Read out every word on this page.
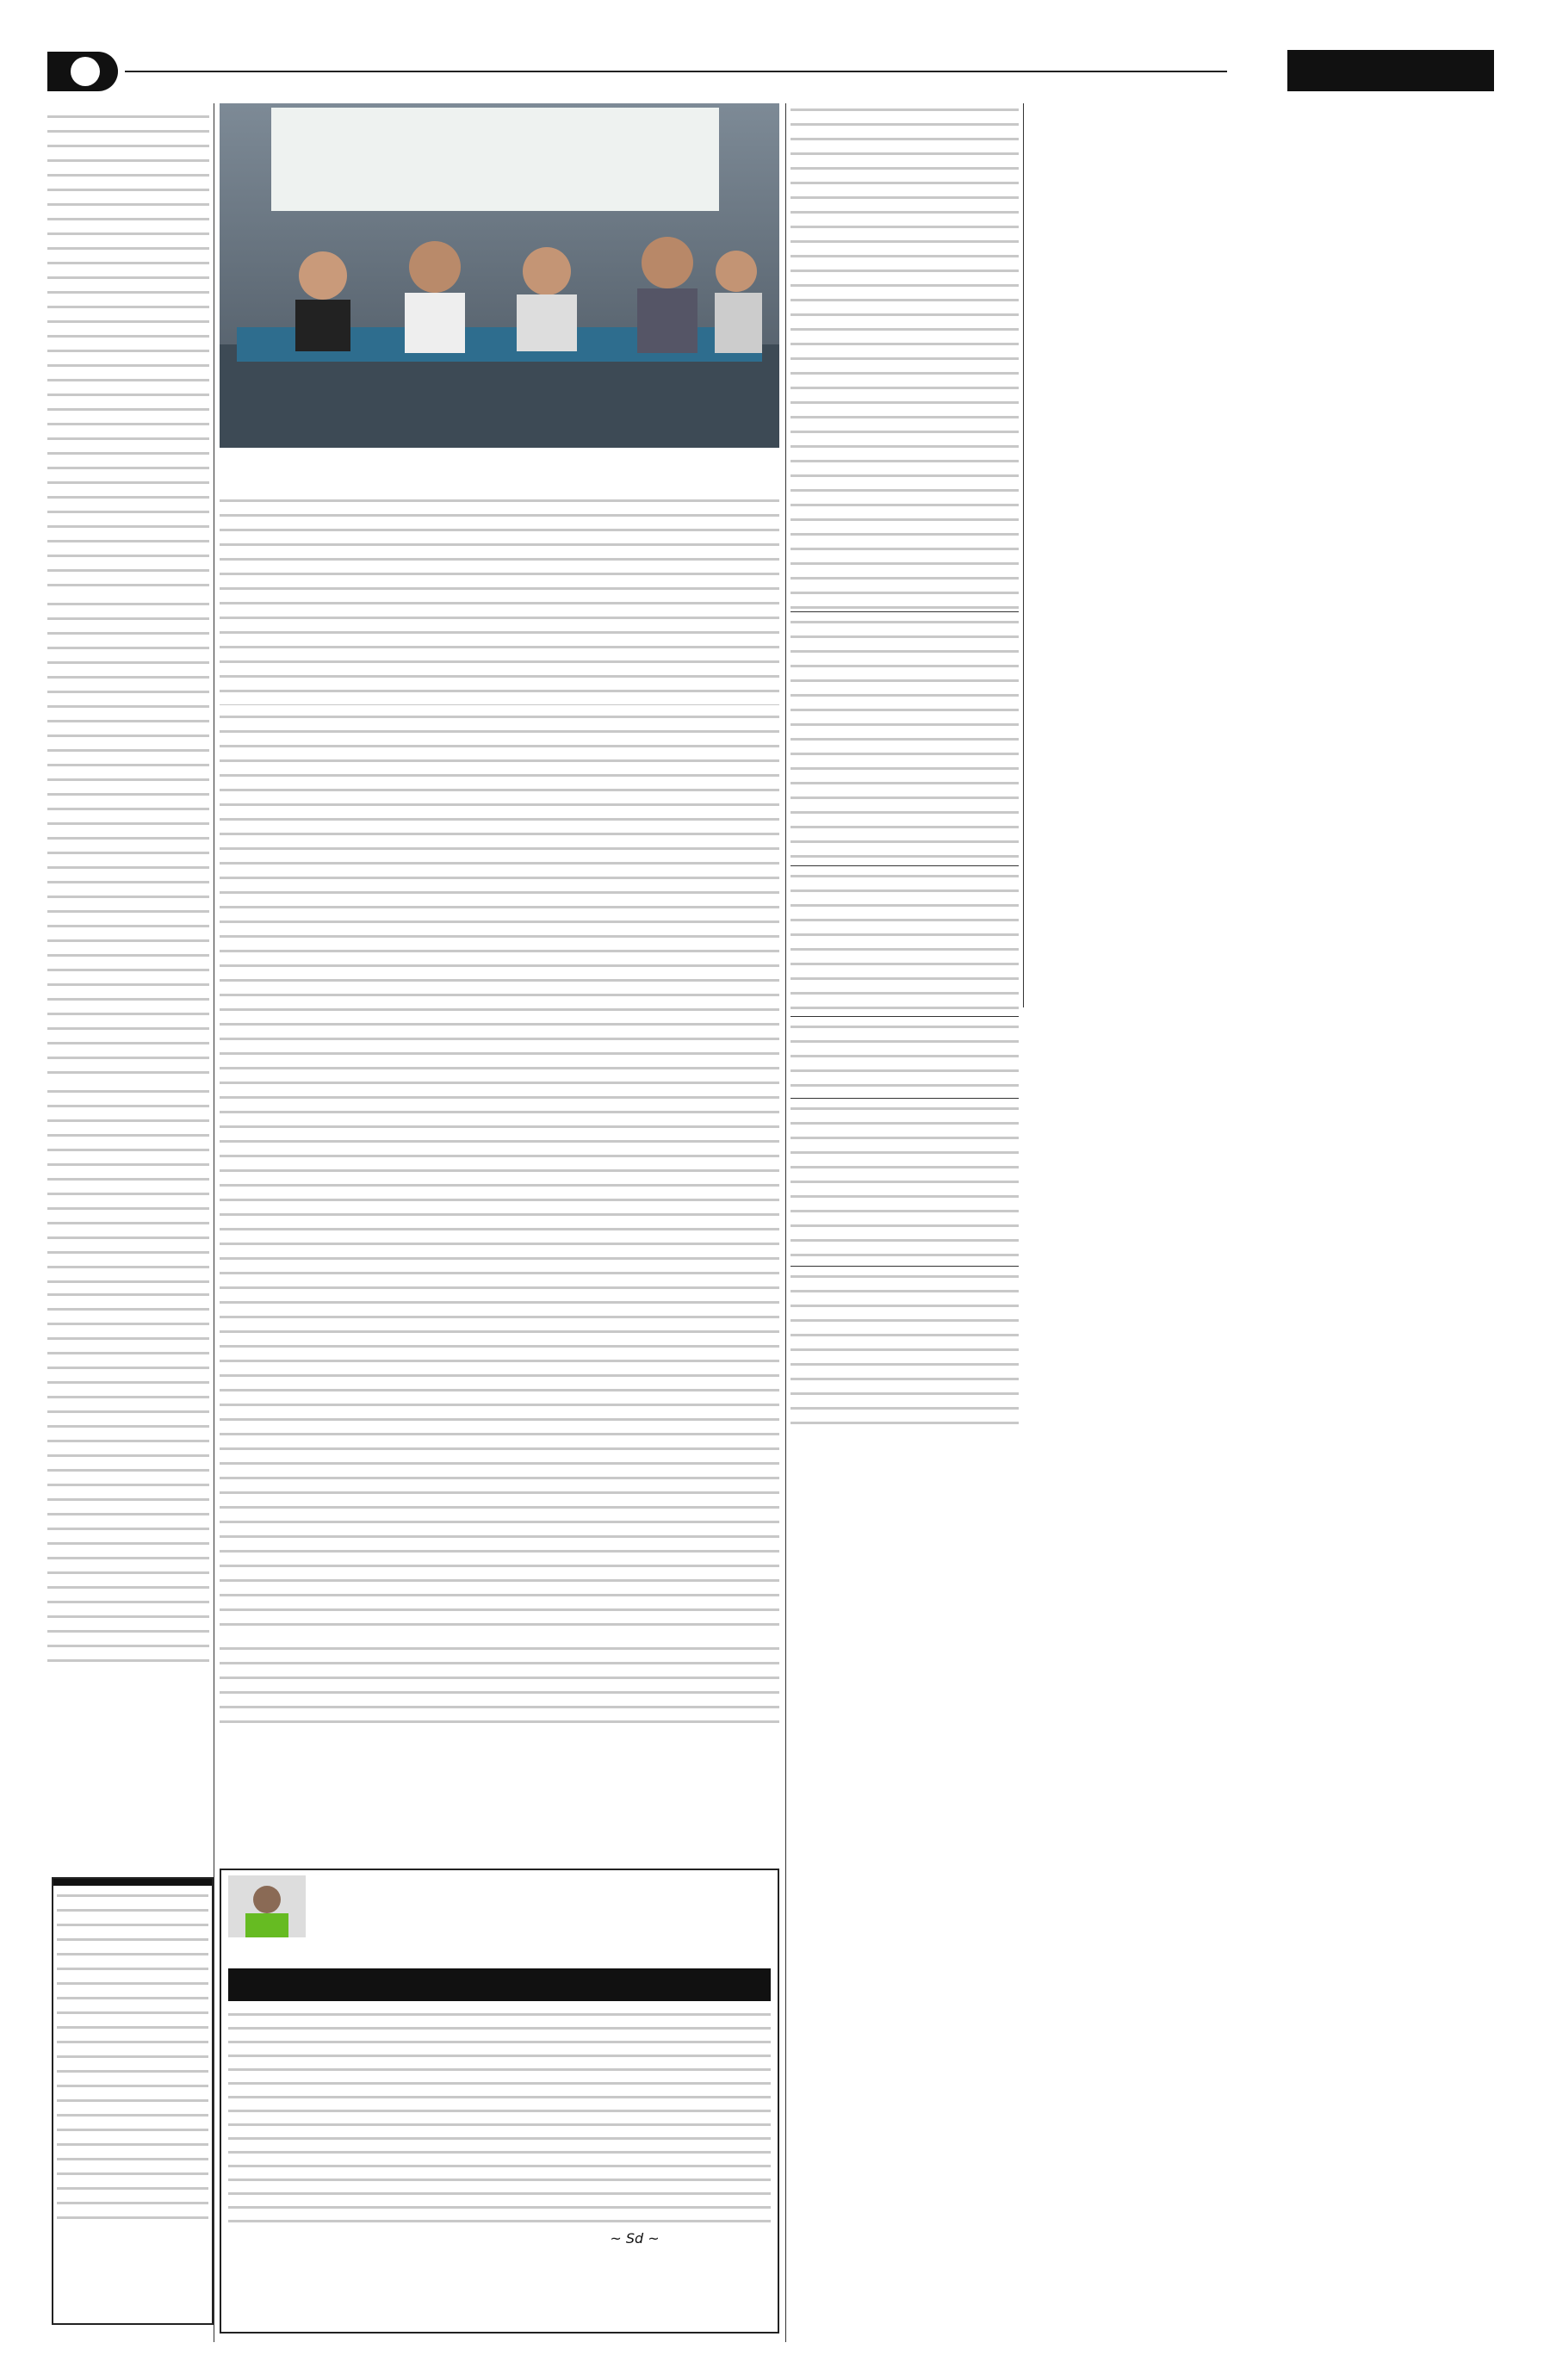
~ Sd ~
